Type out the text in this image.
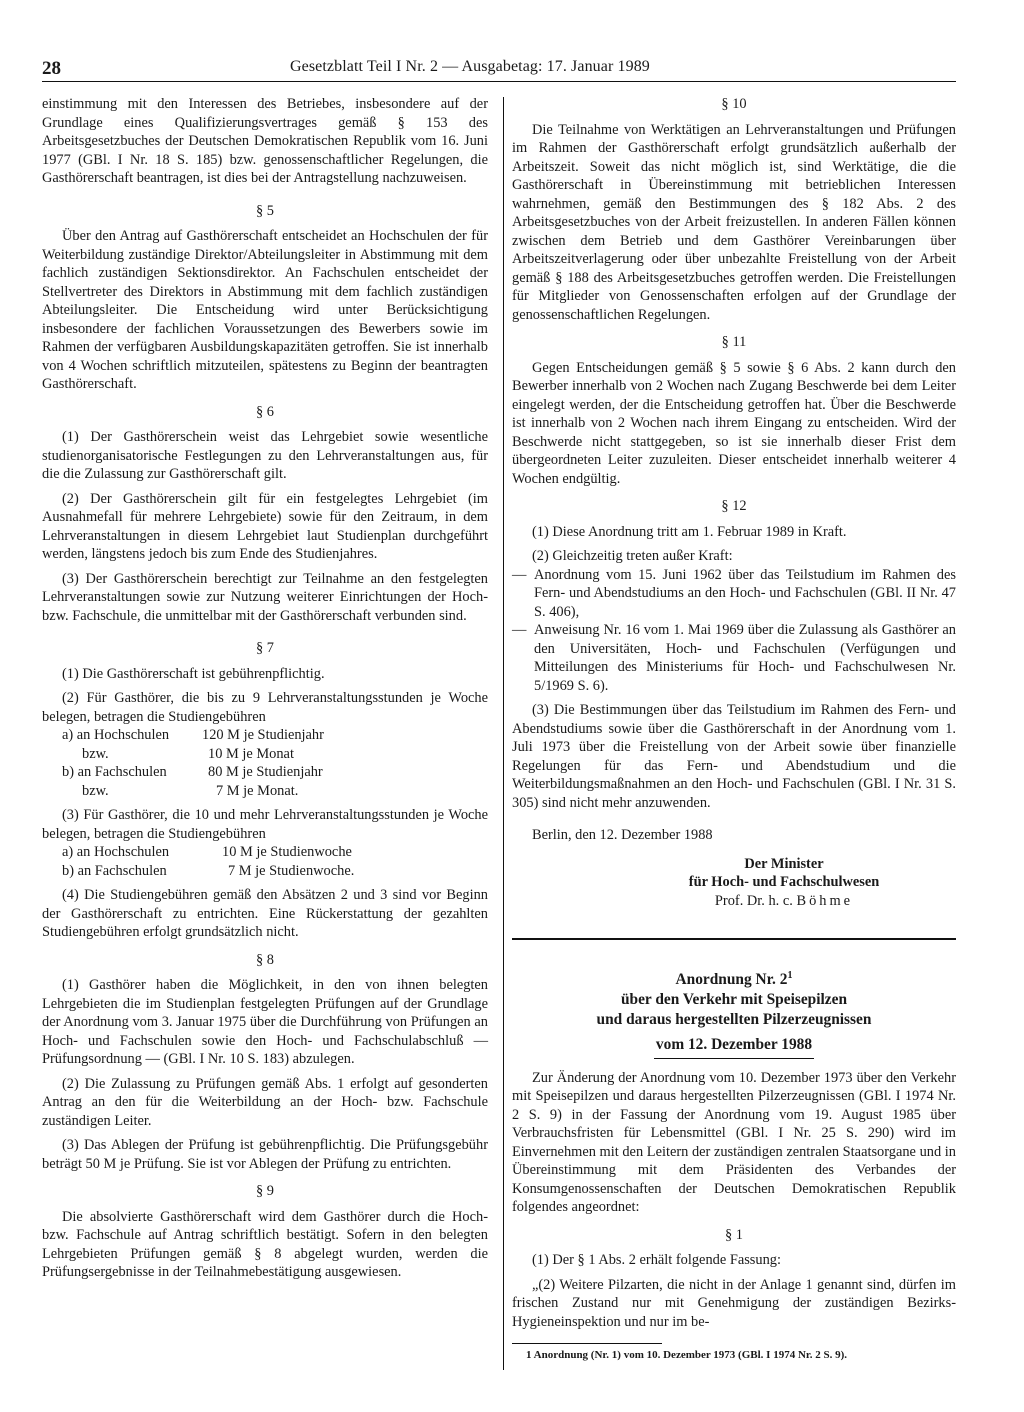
28	Gesetzblatt Teil I Nr. 2 — Ausgabetag: 17. Januar 1989

einstimmung mit den Interessen des Betriebes, insbesondere auf der Grundlage eines Qualifizierungsvertrages gemäß § 153 des Arbeitsgesetzbuches der Deutschen Demokratischen Republik vom 16. Juni 1977 (GBl. I Nr. 18 S. 185) bzw. genossenschaftlicher Regelungen, die Gasthörerschaft beantragen, ist dies bei der Antragstellung nachzuweisen.

§ 5

Über den Antrag auf Gasthörerschaft entscheidet an Hochschulen der für Weiterbildung zuständige Direktor/Abteilungsleiter in Abstimmung mit dem fachlich zuständigen Sektionsdirektor. An Fachschulen entscheidet der Stellvertreter des Direktors in Abstimmung mit dem fachlich zuständigen Abteilungsleiter. Die Entscheidung wird unter Berücksichtigung insbesondere der fachlichen Voraussetzungen des Bewerbers sowie im Rahmen der verfügbaren Ausbildungskapazitäten getroffen. Sie ist innerhalb von 4 Wochen schriftlich mitzuteilen, spätestens zu Beginn der beantragten Gasthörerschaft.

§ 6

(1) Der Gasthörerschein weist das Lehrgebiet sowie wesentliche studienorganisatorische Festlegungen zu den Lehrveranstaltungen aus, für die die Zulassung zur Gasthörerschaft gilt.

(2) Der Gasthörerschein gilt für ein festgelegtes Lehrgebiet (im Ausnahmefall für mehrere Lehrgebiete) sowie für den Zeitraum, in dem Lehrveranstaltungen in diesem Lehrgebiet laut Studienplan durchgeführt werden, längstens jedoch bis zum Ende des Studienjahres.

(3) Der Gasthörerschein berechtigt zur Teilnahme an den festgelegten Lehrveranstaltungen sowie zur Nutzung weiterer Einrichtungen der Hoch- bzw. Fachschule, die unmittelbar mit der Gasthörerschaft verbunden sind.

§ 7

(1) Die Gasthörerschaft ist gebührenpflichtig.

(2) Für Gasthörer, die bis zu 9 Lehrveranstaltungsstunden je Woche belegen, betragen die Studiengebühren

a) an Hochschulen	120 M je Studienjahr
bzw.	10 M je Monat
b) an Fachschulen	80 M je Studienjahr
bzw.	7 M je Monat.

(3) Für Gasthörer, die 10 und mehr Lehrveranstaltungsstunden je Woche belegen, betragen die Studiengebühren

a) an Hochschulen	10 M je Studienwoche
b) an Fachschulen	7 M je Studienwoche.

(4) Die Studiengebühren gemäß den Absätzen 2 und 3 sind vor Beginn der Gasthörerschaft zu entrichten. Eine Rückerstattung der gezahlten Studiengebühren erfolgt grundsätzlich nicht.

§ 8

(1) Gasthörer haben die Möglichkeit, in den von ihnen belegten Lehrgebieten die im Studienplan festgelegten Prüfungen auf der Grundlage der Anordnung vom 3. Januar 1975 über die Durchführung von Prüfungen an Hoch- und Fachschulen sowie den Hoch- und Fachschulabschluß — Prüfungsordnung — (GBl. I Nr. 10 S. 183) abzulegen.

(2) Die Zulassung zu Prüfungen gemäß Abs. 1 erfolgt auf gesonderten Antrag an den für die Weiterbildung an der Hoch- bzw. Fachschule zuständigen Leiter.

(3) Das Ablegen der Prüfung ist gebührenpflichtig. Die Prüfungsgebühr beträgt 50 M je Prüfung. Sie ist vor Ablegen der Prüfung zu entrichten.

§ 9

Die absolvierte Gasthörerschaft wird dem Gasthörer durch die Hoch- bzw. Fachschule auf Antrag schriftlich bestätigt. Sofern in den belegten Lehrgebieten Prüfungen gemäß § 8 abgelegt wurden, werden die Prüfungsergebnisse in der Teilnahmebestätigung ausgewiesen.

§ 10

Die Teilnahme von Werktätigen an Lehrveranstaltungen und Prüfungen im Rahmen der Gasthörerschaft erfolgt grundsätzlich außerhalb der Arbeitszeit. Soweit das nicht möglich ist, sind Werktätige, die die Gasthörerschaft in Übereinstimmung mit betrieblichen Interessen wahrnehmen, gemäß den Bestimmungen des § 182 Abs. 2 des Arbeitsgesetzbuches von der Arbeit freizustellen. In anderen Fällen können zwischen dem Betrieb und dem Gasthörer Vereinbarungen über Arbeitszeitverlagerung oder über unbezahlte Freistellung von der Arbeit gemäß § 188 des Arbeitsgesetzbuches getroffen werden. Die Freistellungen für Mitglieder von Genossenschaften erfolgen auf der Grundlage der genossenschaftlichen Regelungen.

§ 11

Gegen Entscheidungen gemäß § 5 sowie § 6 Abs. 2 kann durch den Bewerber innerhalb von 2 Wochen nach Zugang Beschwerde bei dem Leiter eingelegt werden, der die Entscheidung getroffen hat. Über die Beschwerde ist innerhalb von 2 Wochen nach ihrem Eingang zu entscheiden. Wird der Beschwerde nicht stattgegeben, so ist sie innerhalb dieser Frist dem übergeordneten Leiter zuzuleiten. Dieser entscheidet innerhalb weiterer 4 Wochen endgültig.

§ 12

(1) Diese Anordnung tritt am 1. Februar 1989 in Kraft.

(2) Gleichzeitig treten außer Kraft:

— Anordnung vom 15. Juni 1962 über das Teilstudium im Rahmen des Fern- und Abendstudiums an den Hoch- und Fachschulen (GBl. II Nr. 47 S. 406),
— Anweisung Nr. 16 vom 1. Mai 1969 über die Zulassung als Gasthörer an den Universitäten, Hoch- und Fachschulen (Verfügungen und Mitteilungen des Ministeriums für Hoch- und Fachschulwesen Nr. 5/1969 S. 6).

(3) Die Bestimmungen über das Teilstudium im Rahmen des Fern- und Abendstudiums sowie über die Gasthörerschaft in der Anordnung vom 1. Juli 1973 über die Freistellung von der Arbeit sowie über finanzielle Regelungen für das Fern- und Abendstudium und die Weiterbildungsmaßnahmen an den Hoch- und Fachschulen (GBl. I Nr. 31 S. 305) sind nicht mehr anzuwenden.

Berlin, den 12. Dezember 1988

Der Minister
für Hoch- und Fachschulwesen
Prof. Dr. h. c. Böhme
Anordnung Nr. $2^1$
über den Verkehr mit Speisepilzen
und daraus hergestellten Pilzerzeugnissen
vom 12. Dezember 1988

Zur Änderung der Anordnung vom 10. Dezember 1973 über den Verkehr mit Speisepilzen und daraus hergestellten Pilzerzeugnissen (GBl. I 1974 Nr. 2 S. 9) in der Fassung der Anordnung vom 19. August 1985 über Verbrauchsfristen für Lebensmittel (GBl. I Nr. 25 S. 290) wird im Einvernehmen mit den Leitern der zuständigen zentralen Staatsorgane und in Übereinstimmung mit dem Präsidenten des Verbandes der Konsumgenossenschaften der Deutschen Demokratischen Republik folgendes angeordnet:

§ 1

(1) Der § 1 Abs. 2 erhält folgende Fassung:

„(2) Weitere Pilzarten, die nicht in der Anlage 1 genannt sind, dürfen im frischen Zustand nur mit Genehmigung der zuständigen Bezirks-Hygieneinspektion und nur im be-

1 Anordnung (Nr. 1) vom 10. Dezember 1973 (GBl. I 1974 Nr. 2 S. 9).
